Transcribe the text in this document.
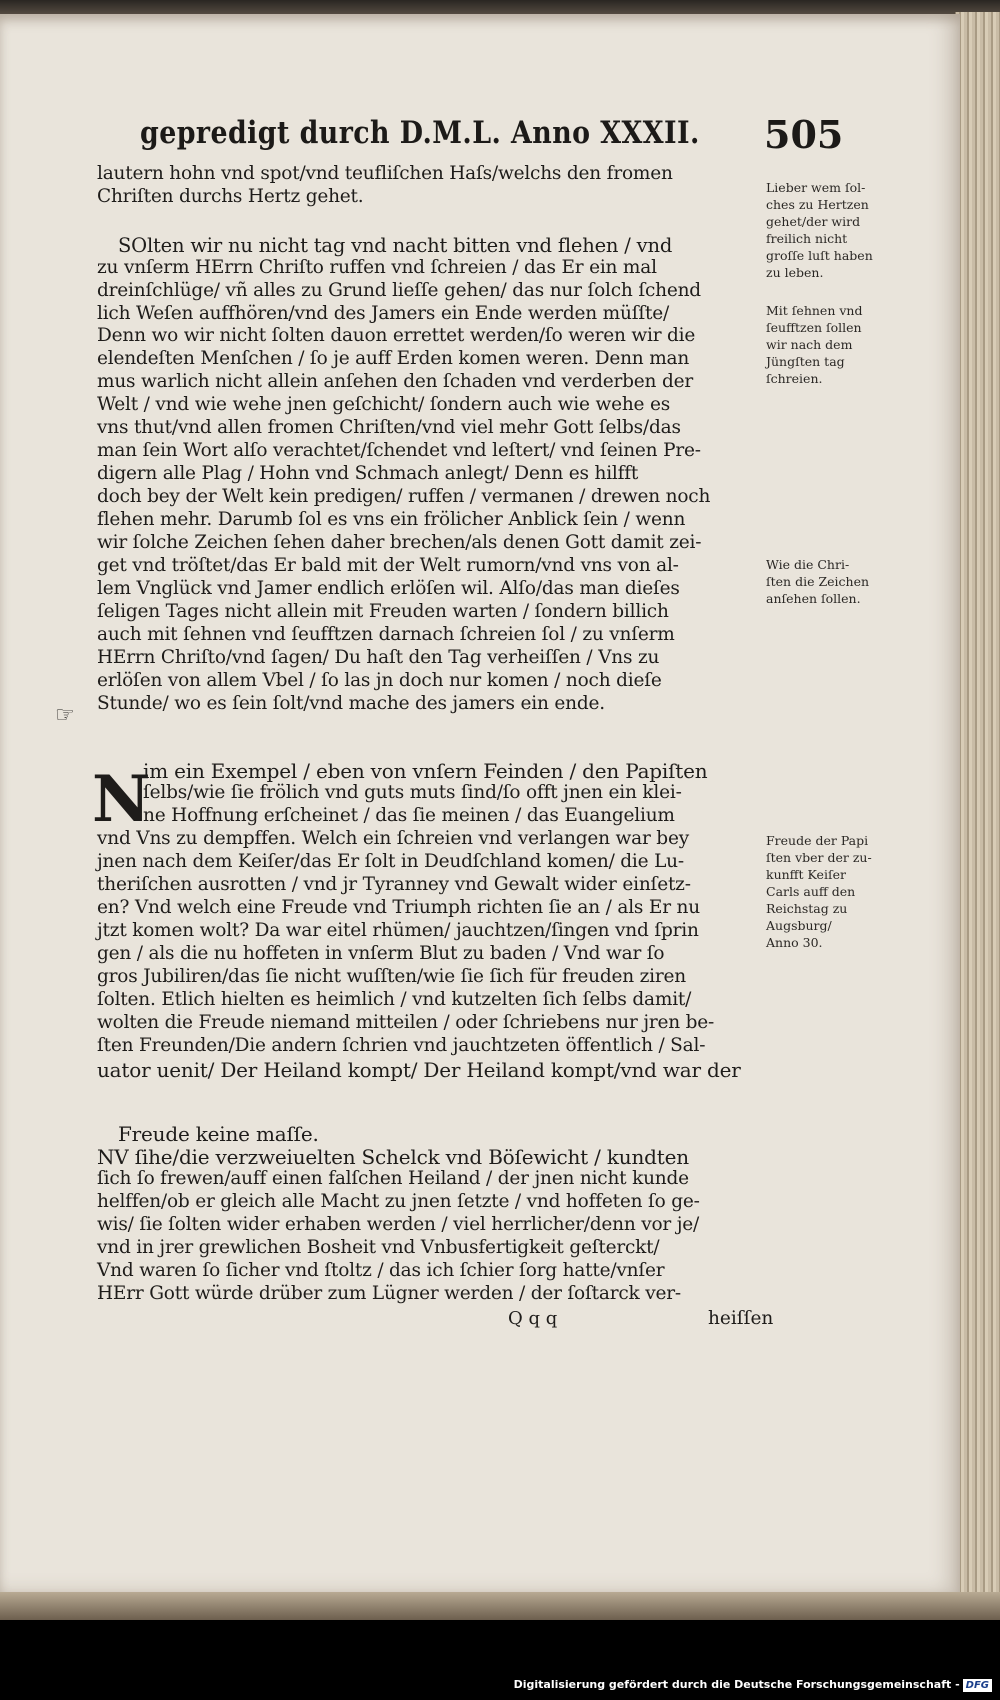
gepredigt durch D.M.L. Anno XXXII. 505
lautern hohn vnd spot/vnd teufliſchen Haſs/welchs den fromen
Chriſten durchs Hertz gehet.
SOlten wir nu nicht tag vnd nacht bitten vnd flehen / vnd
zu vnſerm HErrn Chriſto ruffen vnd ſchreien / das Er ein mal
dreinſchlüge/ vñ alles zu Grund lieſſe gehen/ das nur ſolch ſchend
lich Weſen auffhören/vnd des Jamers ein Ende werden müſſte/
Denn wo wir nicht ſolten dauon errettet werden/ſo weren wir die
elendeſten Menſchen / ſo je auff Erden komen weren. Denn man
mus warlich nicht allein anſehen den ſchaden vnd verderben der
Welt / vnd wie wehe jnen geſchicht/ ſondern auch wie wehe es
vns thut/vnd allen fromen Chriſten/vnd viel mehr Gott ſelbs/das
man ſein Wort alſo verachtet/ſchendet vnd leſtert/ vnd ſeinen Pre-
digern alle Plag / Hohn vnd Schmach anlegt/ Denn es hilfft
doch bey der Welt kein predigen/ ruffen / vermanen / drewen noch
flehen mehr. Darumb ſol es vns ein frölicher Anblick ſein / wenn
wir ſolche Zeichen ſehen daher brechen/als denen Gott damit zei-
get vnd tröſtet/das Er bald mit der Welt rumorn/vnd vns von al-
lem Vnglück vnd Jamer endlich erlöſen wil. Alſo/das man dieſes
ſeligen Tages nicht allein mit Freuden warten / ſondern billich
auch mit ſehnen vnd ſeufftzen darnach ſchreien ſol / zu vnſerm
HErrn Chriſto/vnd ſagen/ Du haſt den Tag verheiſſen / Vns zu
erlöſen von allem Vbel / ſo las jn doch nur komen / noch dieſe
Stunde/ wo es ſein ſolt/vnd mache des jamers ein ende.
im ein Exempel / eben von vnſern Feinden / den Papiſten
ſelbs/wie ſie frölich vnd guts muts ſind/ſo offt jnen ein klei-
ne Hoffnung erſcheinet / das ſie meinen / das Euangelium
vnd Vns zu dempffen. Welch ein ſchreien vnd verlangen war bey
jnen nach dem Keiſer/das Er ſolt in Deudſchland komen/ die Lu-
theriſchen ausrotten / vnd jr Tyranney vnd Gewalt wider einſetz-
en? Vnd welch eine Freude vnd Triumph richten ſie an / als Er nu
jtzt komen wolt? Da war eitel rhümen/ jauchtzen/ſingen vnd ſprin
gen / als die nu hoffeten in vnſerm Blut zu baden / Vnd war ſo
gros Jubiliren/das ſie nicht wuſſten/wie ſie ſich für freuden ziren
ſolten. Etlich hielten es heimlich / vnd kutzelten ſich ſelbs damit/
wolten die Freude niemand mitteilen / oder ſchriebens nur jren be-
ſten Freunden/Die andern ſchrien vnd jauchtzeten öffentlich / Sal-
uator uenit/ Der Heiland kompt/ Der Heiland kompt/vnd war der
Freude keine maſſe.
NV ſihe/die verzweiuelten Schelck vnd Böſewicht / kundten
ſich ſo frewen/auff einen falſchen Heiland / der jnen nicht kunde
helffen/ob er gleich alle Macht zu jnen ſetzte / vnd hoffeten ſo ge-
wis/ ſie ſolten wider erhaben werden / viel herrlicher/denn vor je/
vnd in jrer grewlichen Bosheit vnd Vnbusfertigkeit geſterckt/
Vnd waren ſo ſicher vnd ſtoltz / das ich ſchier ſorg hatte/vnſer
HErr Gott würde drüber zum Lügner werden / der ſoſtarck ver-
Lieber wem ſol-
ches zu Hertzen
gehet/der wird
freilich nicht
groſſe luſt haben
zu leben.
Mit ſehnen vnd
ſeufftzen ſollen
wir nach dem
Jüngſten tag
ſchreien.
Wie die Chri-
ſten die Zeichen
anſehen ſollen.
Freude der Papi
ſten vber der zu-
kunfft Keiſer
Carls auff den
Reichstag zu
Augsburg/
Anno 30.
N
☞
Q q q	heiſſen
Digitalisierung gefördert durch die Deutsche Forschungsgemeinschaft - DFG
